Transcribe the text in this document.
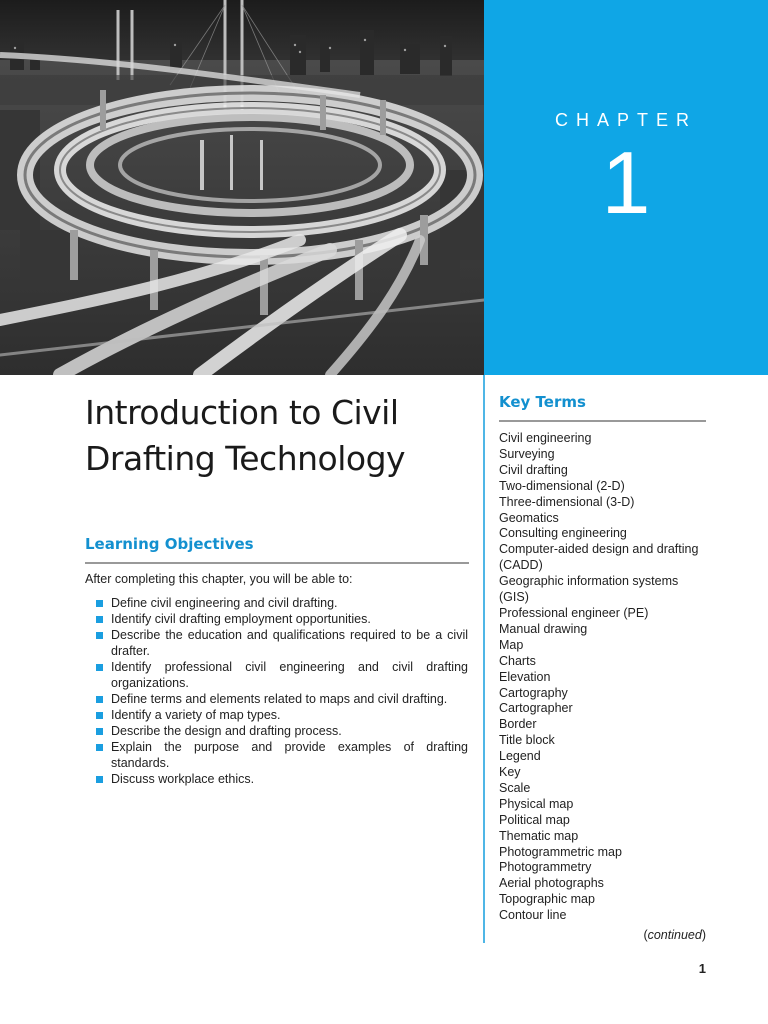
CHAPTER
1
Introduction to Civil Drafting Technology
Learning Objectives
After completing this chapter, you will be able to:
Define civil engineering and civil drafting.
Identify civil drafting employment opportunities.
Describe the education and qualifications required to be a civil drafter.
Identify professional civil engineering and civil drafting organizations.
Define terms and elements related to maps and civil drafting.
Identify a variety of map types.
Describe the design and drafting process.
Explain the purpose and provide examples of drafting standards.
Discuss workplace ethics.
Key Terms
Civil engineering
Surveying
Civil drafting
Two-dimensional (2-D)
Three-dimensional (3-D)
Geomatics
Consulting engineering
Computer-aided design and drafting (CADD)
Geographic information systems (GIS)
Professional engineer (PE)
Manual drawing
Map
Charts
Elevation
Cartography
Cartographer
Border
Title block
Legend
Key
Scale
Physical map
Political map
Thematic map
Photogrammetric map
Photogrammetry
Aerial photographs
Topographic map
Contour line
(continued)
1
